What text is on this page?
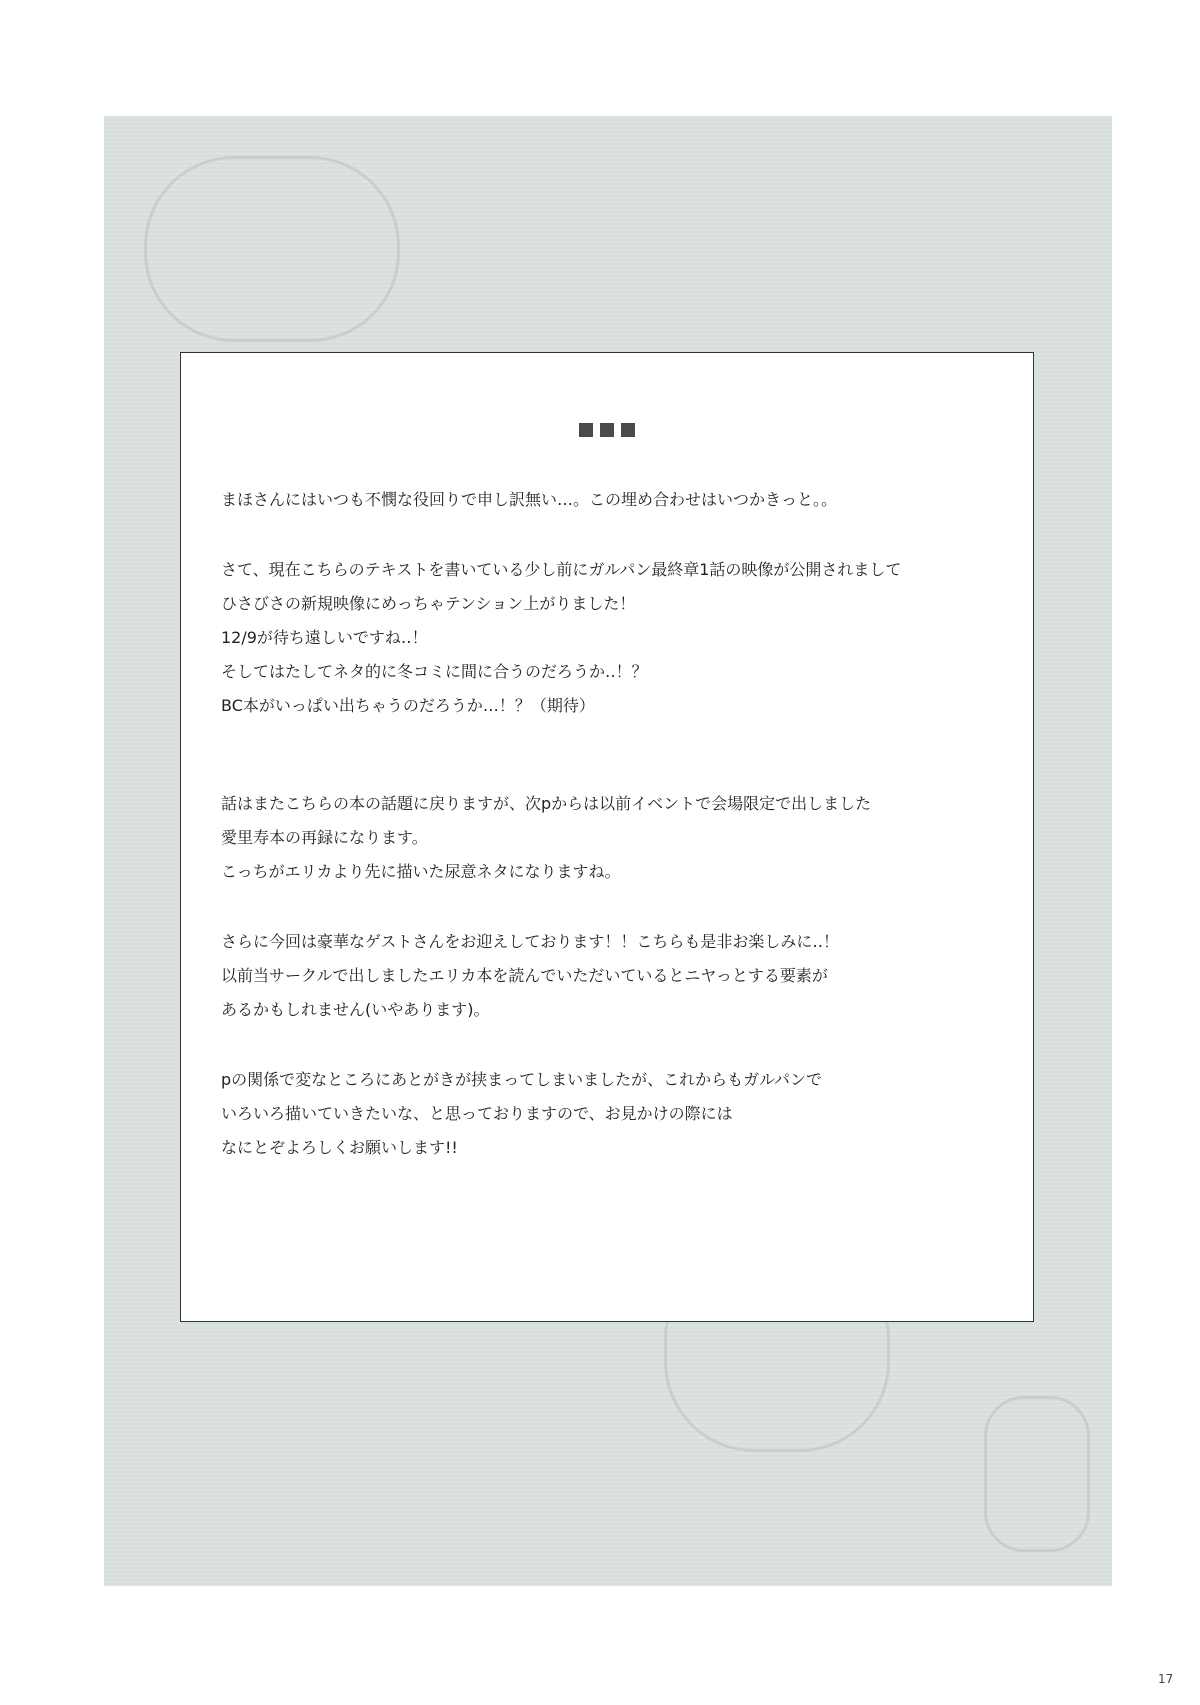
まほさんにはいつも不憫な役回りで申し訳無い…。この埋め合わせはいつかきっと。。
さて、現在こちらのテキストを書いている少し前にガルパン最終章1話の映像が公開されまして
ひさびさの新規映像にめっちゃテンション上がりました！
12/9が待ち遠しいですね‥！
そしてはたしてネタ的に冬コミに間に合うのだろうか‥！？
BC本がいっぱい出ちゃうのだろうか…！？（期待）
話はまたこちらの本の話題に戻りますが、次pからは以前イベントで会場限定で出しました
愛里寿本の再録になります。
こっちがエリカより先に描いた尿意ネタになりますね。
さらに今回は豪華なゲストさんをお迎えしております！！こちらも是非お楽しみに‥！
以前当サークルで出しましたエリカ本を読んでいただいているとニヤっとする要素が
あるかもしれません(いやあります)。
pの関係で変なところにあとがきが挟まってしまいましたが、これからもガルパンで
いろいろ描いていきたいな、と思っておりますので、お見かけの際には
なにとぞよろしくお願いします!!
17
